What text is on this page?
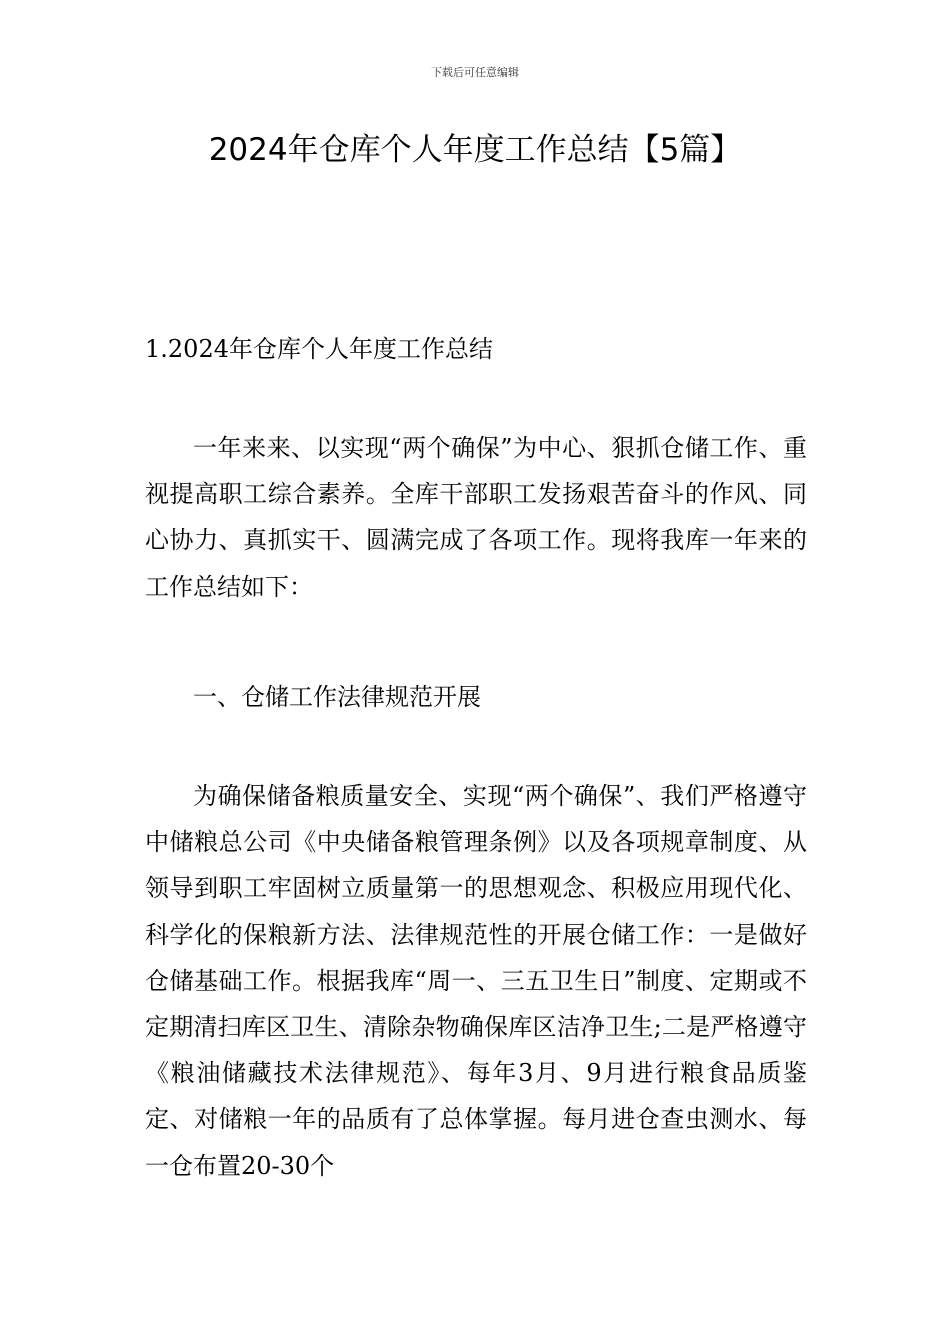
下载后可任意编辑
2024年仓库个人年度工作总结【5篇】
1.2024年仓库个人年度工作总结

一年来来、以实现“两个确保”为中心、狠抓仓储工作、重视提高职工综合素养。全库干部职工发扬艰苦奋斗的作风、同心协力、真抓实干、圆满完成了各项工作。现将我库一年来的工作总结如下：

一、仓储工作法律规范开展

为确保储备粮质量安全、实现“两个确保”、我们严格遵守中储粮总公司《中央储备粮管理条例》以及各项规章制度、从领导到职工牢固树立质量第一的思想观念、积极应用现代化、科学化的保粮新方法、法律规范性的开展仓储工作：一是做好仓储基础工作。根据我库“周一、三五卫生日”制度、定期或不定期清扫库区卫生、清除杂物确保库区洁净卫生;二是严格遵守《粮油储藏技术法律规范》、每年3月、9月进行粮食品质鉴定、对储粮一年的品质有了总体掌握。每月进仓查虫测水、每一仓布置20-30个
